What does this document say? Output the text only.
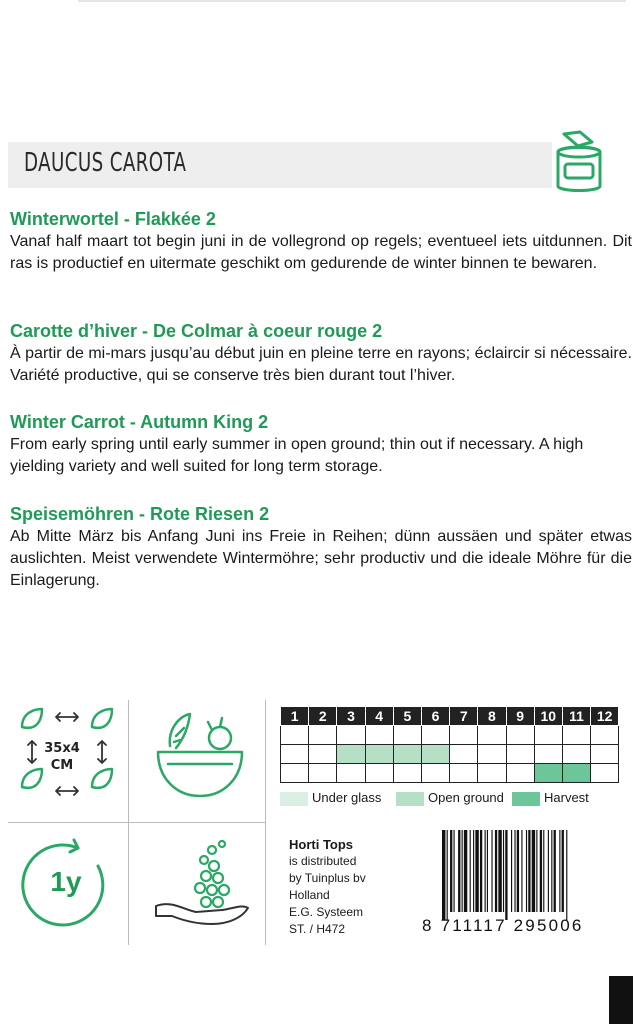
DAUCUS CAROTA
Winterwortel - Flakkée 2
Vanaf half maart tot begin juni in de vollegrond op regels; eventueel iets uitdunnen. Dit ras is productief en uitermate geschikt om gedurende de winter binnen te bewaren.
Carotte d’hiver - De Colmar à coeur rouge 2
À partir de mi-mars jusqu’au début juin en pleine terre en rayons; éclaircir si nécessaire. Variété productive, qui se conserve très bien durant tout l’hiver.
Winter Carrot - Autumn King 2
From early spring until early summer in open ground; thin out if necessary. A high yielding variety and well suited for long term storage.
Speisemöhren - Rote Riesen 2
Ab Mitte März bis Anfang Juni ins Freie in Reihen; dünn aussäen und später etwas auslichten. Meist verwendete Wintermöhre; sehr productiv und die ideale Möhre für die Einlagerung.
35x4
CM
1y
1	2	3	4	5	6	7	8	9	10	11	12

Under glass	Open ground	Harvest
Horti Tops
is distributed
by Tuinplus bv
Holland
E.G. Systeem
ST. / H472	8 711117 295006
